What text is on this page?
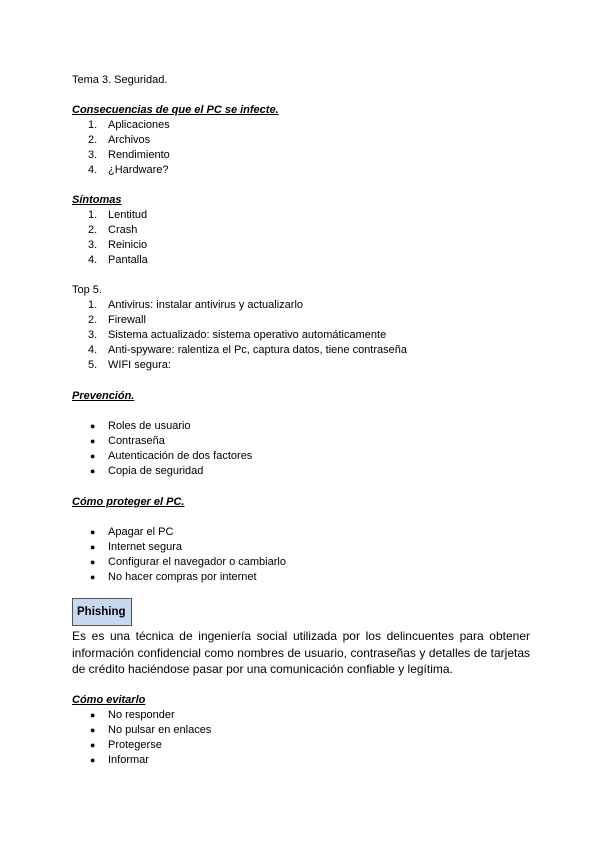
Tema 3. Seguridad.
Consecuencias de que el PC se infecte.
1. Aplicaciones
2. Archivos
3. Rendimiento
4. ¿Hardware?
Síntomas
1. Lentitud
2. Crash
3. Reinicio
4. Pantalla
Top 5.
1. Antivirus: instalar antivirus y actualizarlo
2. Firewall
3. Sistema actualizado: sistema operativo automáticamente
4. Anti-spyware: ralentiza el Pc, captura datos, tiene contraseña
5. WIFI segura:
Prevención.
● Roles de usuario
● Contraseña
● Autenticación de dos factores
● Copia de seguridad
Cómo proteger el PC.
● Apagar el PC
● Internet segura
● Configurar el navegador o cambiarlo
● No hacer compras por internet
Phishing
Es es una técnica de ingeniería social utilizada por los delincuentes para obtener información confidencial como nombres de usuario, contraseñas y detalles de tarjetas de crédito haciéndose pasar por una comunicación confiable y legítima.
Cómo evitarlo
● No responder
● No pulsar en enlaces
● Protegerse
● Informar
